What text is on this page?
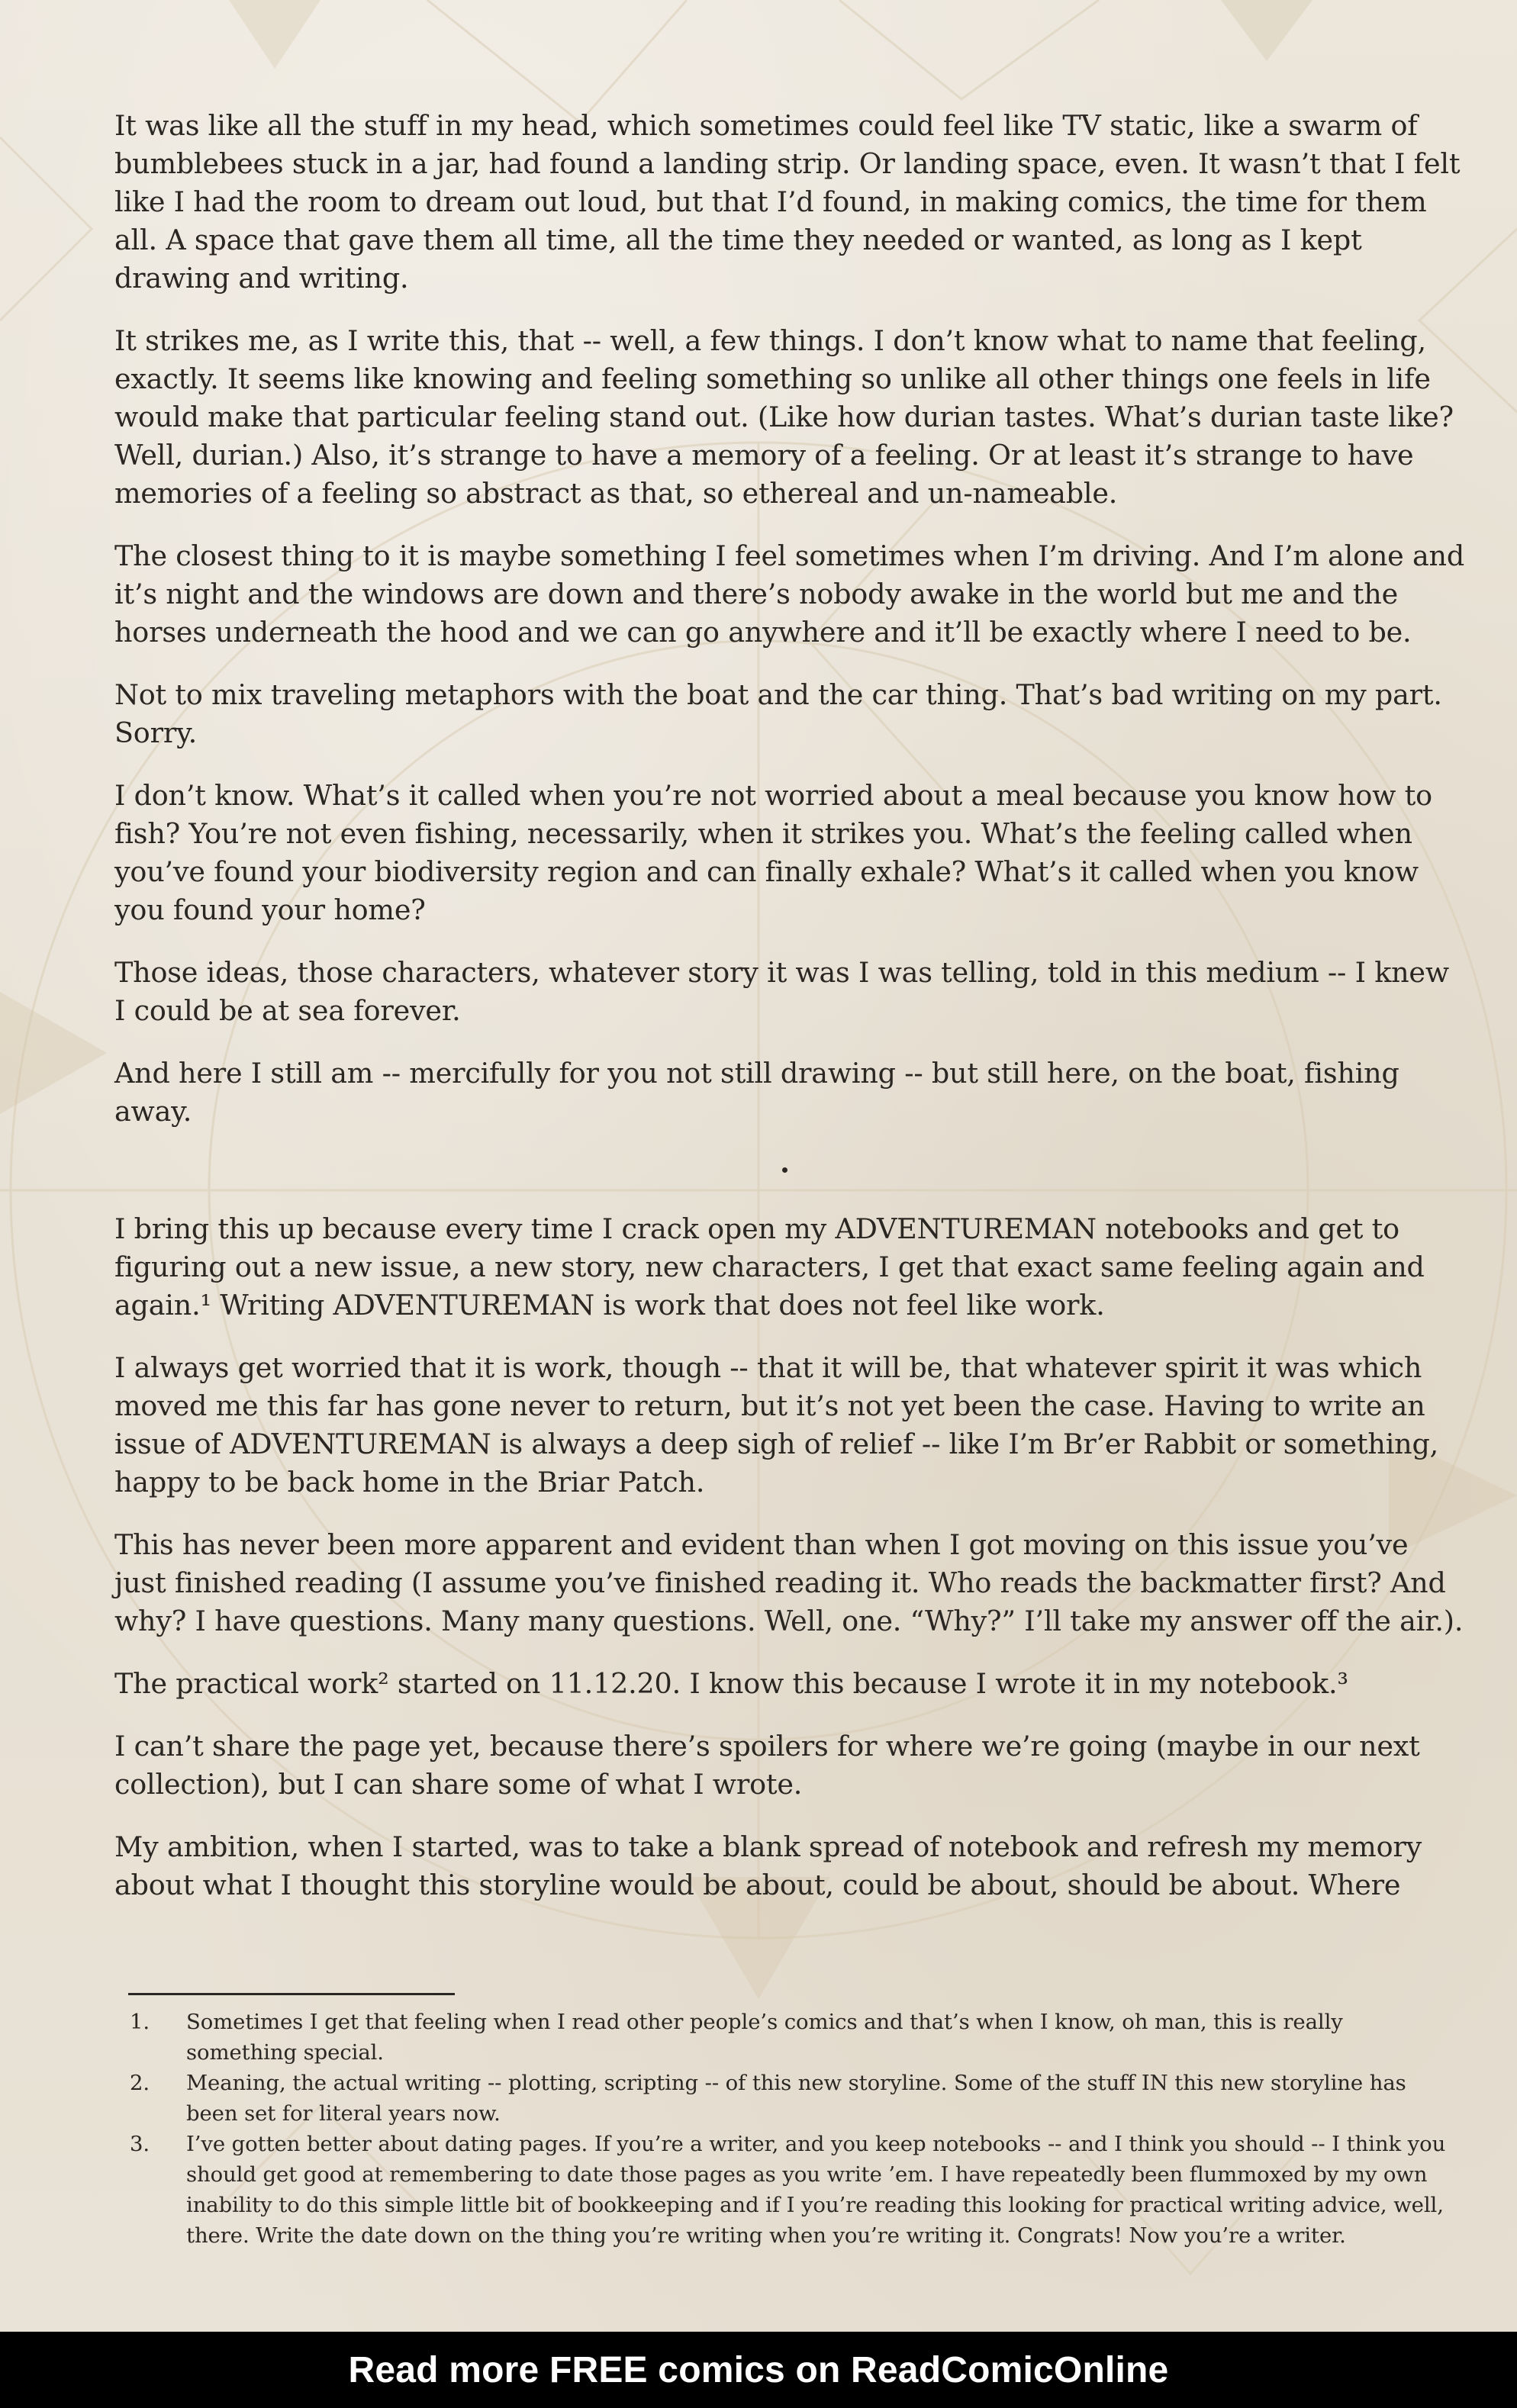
It was like all the stuff in my head, which sometimes could feel like TV static, like a swarm of bumblebees stuck in a jar, had found a landing strip. Or landing space, even. It wasn’t that I felt like I had the room to dream out loud, but that I’d found, in making comics, the time for them all. A space that gave them all time, all the time they needed or wanted, as long as I kept drawing and writing.

It strikes me, as I write this, that -- well, a few things. I don’t know what to name that feeling, exactly. It seems like knowing and feeling something so unlike all other things one feels in life would make that particular feeling stand out. (Like how durian tastes. What’s durian taste like? Well, durian.) Also, it’s strange to have a memory of a feeling. Or at least it’s strange to have memories of a feeling so abstract as that, so ethereal and un-nameable.

The closest thing to it is maybe something I feel sometimes when I’m driving. And I’m alone and it’s night and the windows are down and there’s nobody awake in the world but me and the horses underneath the hood and we can go anywhere and it’ll be exactly where I need to be.

Not to mix traveling metaphors with the boat and the car thing. That’s bad writing on my part. Sorry.

I don’t know. What’s it called when you’re not worried about a meal because you know how to fish? You’re not even fishing, necessarily, when it strikes you. What’s the feeling called when you’ve found your biodiversity region and can finally exhale? What’s it called when you know you found your home?

Those ideas, those characters, whatever story it was I was telling, told in this medium -- I knew I could be at sea forever.

And here I still am -- mercifully for you not still drawing -- but still here, on the boat, fishing away.

I bring this up because every time I crack open my ADVENTUREMAN notebooks and get to figuring out a new issue, a new story, new characters, I get that exact same feeling again and again.¹ Writing ADVENTUREMAN is work that does not feel like work.

I always get worried that it is work, though -- that it will be, that whatever spirit it was which moved me this far has gone never to return, but it’s not yet been the case. Having to write an issue of ADVENTUREMAN is always a deep sigh of relief -- like I’m Br’er Rabbit or something, happy to be back home in the Briar Patch.

This has never been more apparent and evident than when I got moving on this issue you’ve just finished reading (I assume you’ve finished reading it. Who reads the backmatter first? And why? I have questions. Many many questions. Well, one. “Why?” I’ll take my answer off the air.).

The practical work² started on 11.12.20. I know this because I wrote it in my notebook.³

I can’t share the page yet, because there’s spoilers for where we’re going (maybe in our next collection), but I can share some of what I wrote.

My ambition, when I started, was to take a blank spread of notebook and refresh my memory about what I thought this storyline would be about, could be about, should be about. Where

1. Sometimes I get that feeling when I read other people’s comics and that’s when I know, oh man, this is really something special.
2. Meaning, the actual writing -- plotting, scripting -- of this new storyline. Some of the stuff IN this new storyline has been set for literal years now.
3. I’ve gotten better about dating pages. If you’re a writer, and you keep notebooks -- and I think you should -- I think you should get good at remembering to date those pages as you write ’em. I have repeatedly been flummoxed by my own inability to do this simple little bit of bookkeeping and if I you’re reading this looking for practical writing advice, well, there. Write the date down on the thing you’re writing when you’re writing it. Congrats! Now you’re a writer.
Read more FREE comics on ReadComicOnline
